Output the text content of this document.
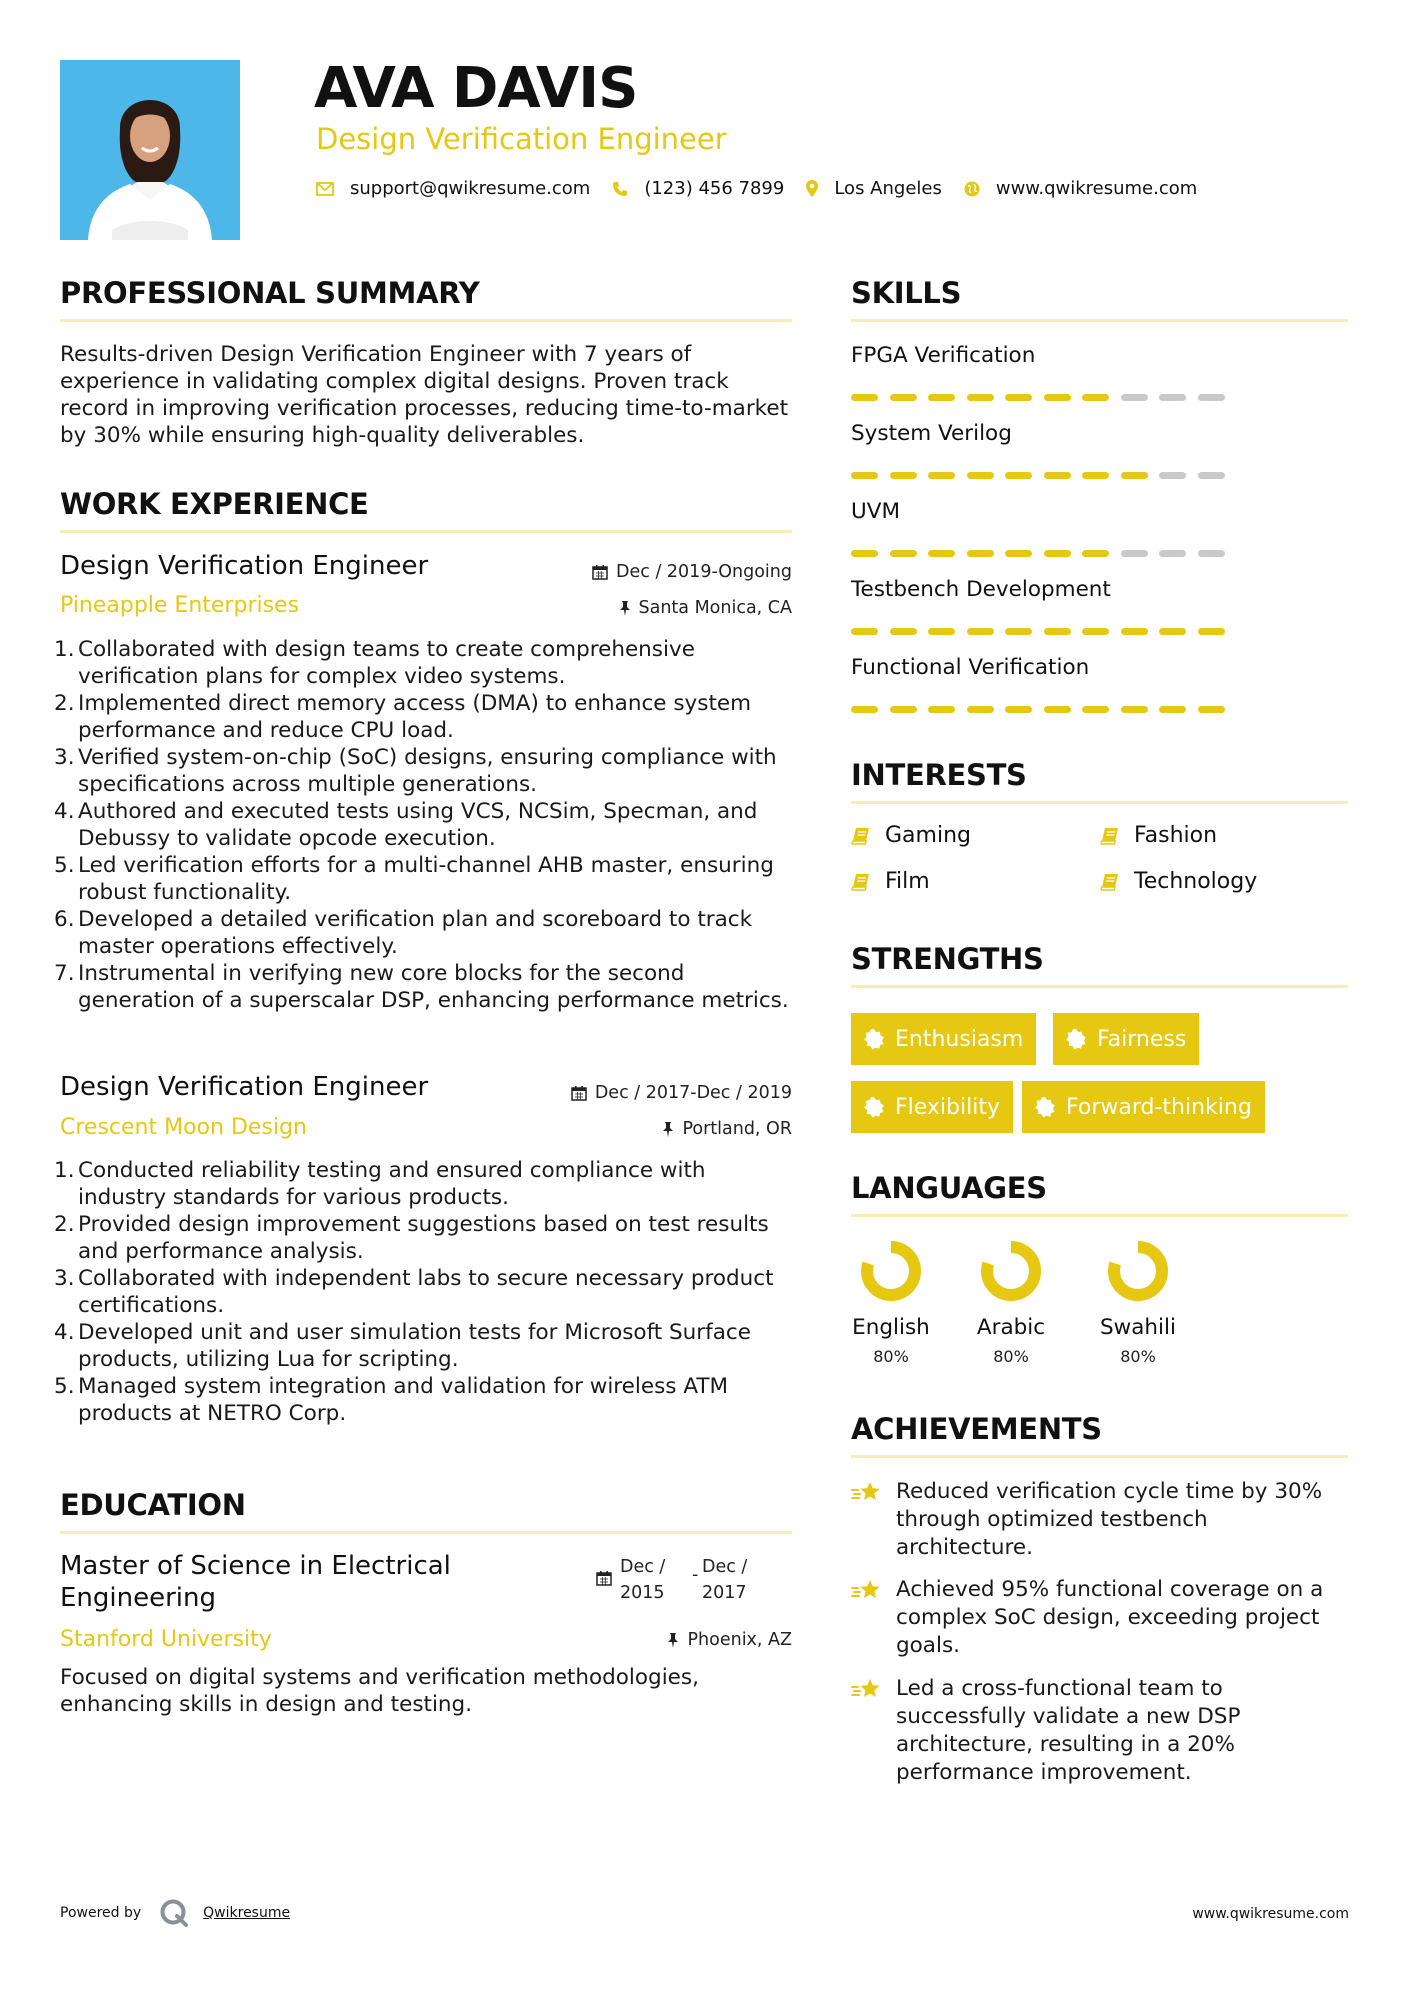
AVA DAVIS
Design Verification Engineer
support@qwikresume.com	(123) 456 7899	Los Angeles	www.qwikresume.com
PROFESSIONAL SUMMARY
Results-driven Design Verification Engineer with 7 years of experience in validating complex digital designs. Proven track record in improving verification processes, reducing time-to-market by 30% while ensuring high-quality deliverables.
WORK EXPERIENCE
Design Verification Engineer	Dec / 2019-Ongoing
Pineapple Enterprises	Santa Monica, CA
Collaborated with design teams to create comprehensive verification plans for complex video systems.
Implemented direct memory access (DMA) to enhance system performance and reduce CPU load.
Verified system-on-chip (SoC) designs, ensuring compliance with specifications across multiple generations.
Authored and executed tests using VCS, NCSim, Specman, and Debussy to validate opcode execution.
Led verification efforts for a multi-channel AHB master, ensuring robust functionality.
Developed a detailed verification plan and scoreboard to track master operations effectively.
Instrumental in verifying new core blocks for the second generation of a superscalar DSP, enhancing performance metrics.
Design Verification Engineer	Dec / 2017-Dec / 2019
Crescent Moon Design	Portland, OR
Conducted reliability testing and ensured compliance with industry standards for various products.
Provided design improvement suggestions based on test results and performance analysis.
Collaborated with independent labs to secure necessary product certifications.
Developed unit and user simulation tests for Microsoft Surface products, utilizing Lua for scripting.
Managed system integration and validation for wireless ATM products at NETRO Corp.
EDUCATION
Master of Science in Electrical Engineering
Dec /
2015
- Dec /
2017
Stanford University	Phoenix, AZ
Focused on digital systems and verification methodologies, enhancing skills in design and testing.
SKILLS
FPGA Verification
System Verilog
UVM
Testbench Development
Functional Verification
INTERESTS
Gaming	Fashion
Film	Technology
STRENGTHS
Enthusiasm	Fairness
Flexibility	Forward-thinking
LANGUAGES
English
80%
Arabic
80%
Swahili
80%
ACHIEVEMENTS
Reduced verification cycle time by 30% through optimized testbench architecture.
Achieved 95% functional coverage on a complex SoC design, exceeding project goals.
Led a cross-functional team to successfully validate a new DSP architecture, resulting in a 20% performance improvement.
Powered by	Qwikresume	www.qwikresume.com
